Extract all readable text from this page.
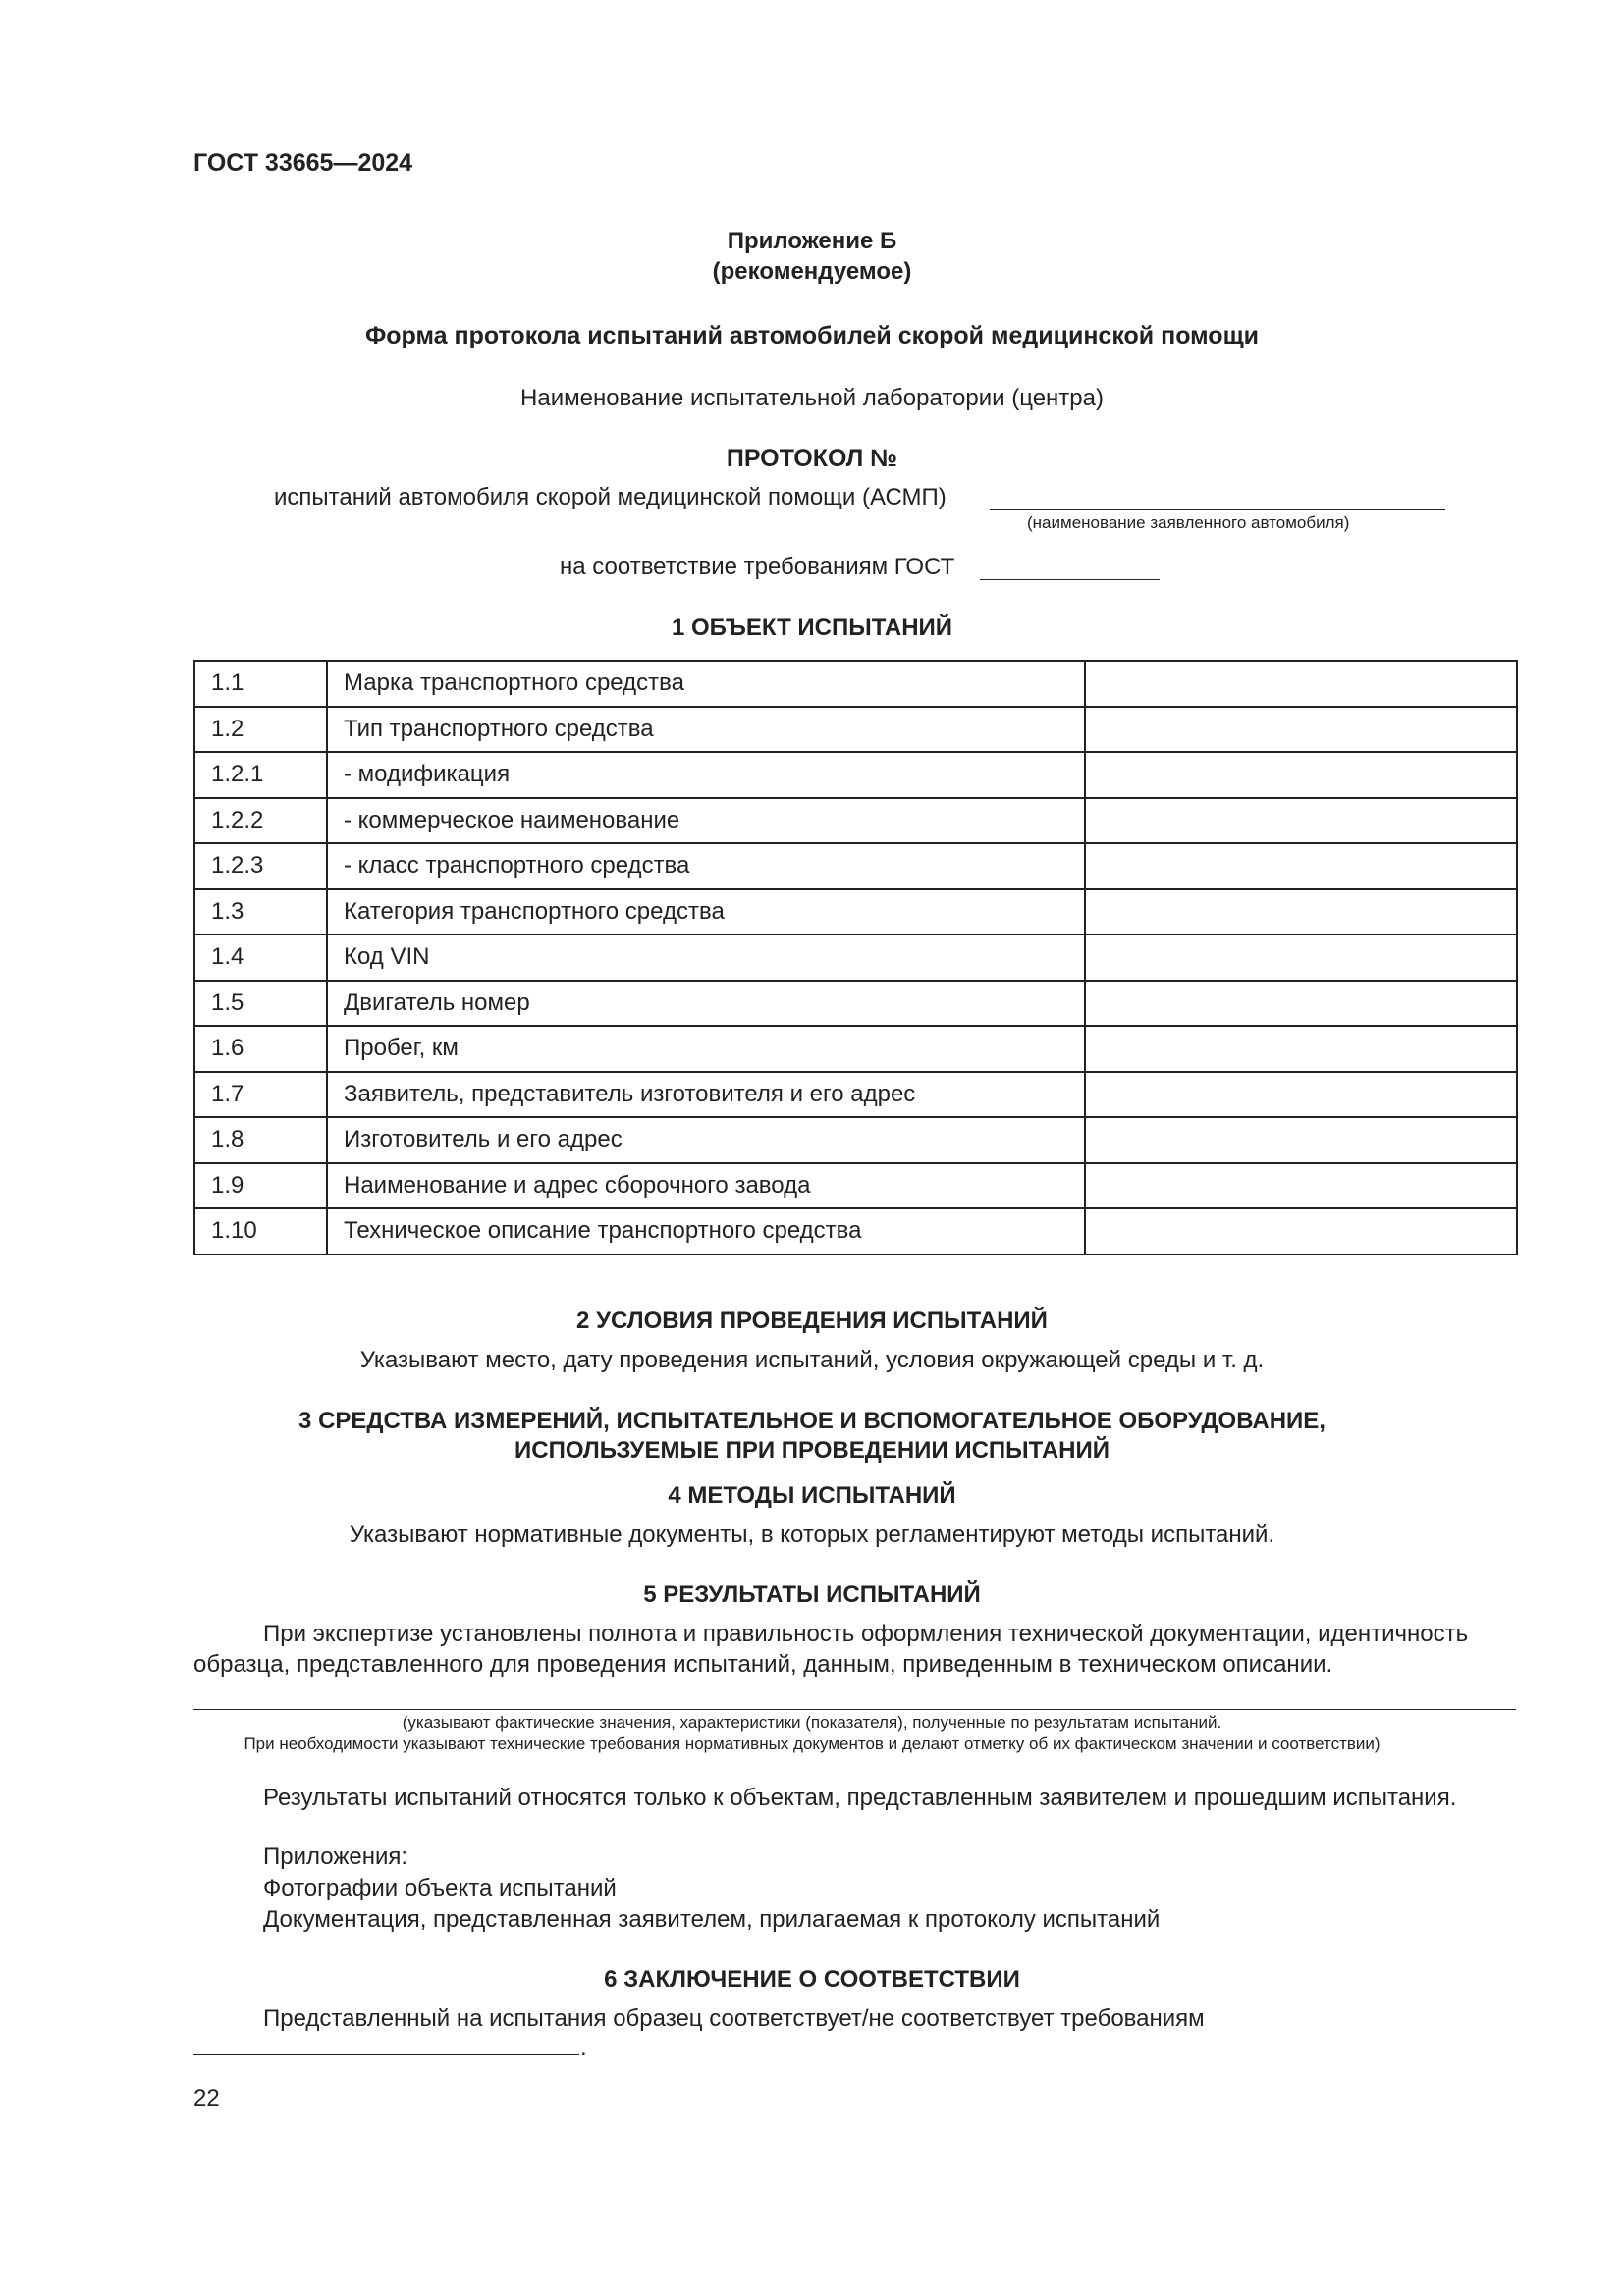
ГОСТ 33665—2024
Приложение Б
(рекомендуемое)
Форма протокола испытаний автомобилей скорой медицинской помощи
Наименование испытательной лаборатории (центра)
ПРОТОКОЛ №
испытаний автомобиля скорой медицинской помощи (АСМП)
(наименование заявленного автомобиля)
на соответствие требованиям ГОСТ
1 ОБЪЕКТ ИСПЫТАНИЙ
1.1	Марка транспортного средства	
1.2	Тип транспортного средства	
1.2.1	- модификация	
1.2.2	- коммерческое наименование	
1.2.3	- класс транспортного средства	
1.3	Категория транспортного средства	
1.4	Код VIN	
1.5	Двигатель номер	
1.6	Пробег, км	
1.7	Заявитель, представитель изготовителя и его адрес	
1.8	Изготовитель и его адрес	
1.9	Наименование и адрес сборочного завода	
1.10	Техническое описание транспортного средства	
2 УСЛОВИЯ ПРОВЕДЕНИЯ ИСПЫТАНИЙ
Указывают место, дату проведения испытаний, условия окружающей среды и т. д.
3 СРЕДСТВА ИЗМЕРЕНИЙ, ИСПЫТАТЕЛЬНОЕ И ВСПОМОГАТЕЛЬНОЕ ОБОРУДОВАНИЕ,
ИСПОЛЬЗУЕМЫЕ ПРИ ПРОВЕДЕНИИ ИСПЫТАНИЙ
4 МЕТОДЫ ИСПЫТАНИЙ
Указывают нормативные документы, в которых регламентируют методы испытаний.
5 РЕЗУЛЬТАТЫ ИСПЫТАНИЙ
При экспертизе установлены полнота и правильность оформления технической документации, идентичность
образца, представленного для проведения испытаний, данным, приведенным в техническом описании.
(указывают фактические значения, характеристики (показателя), полученные по результатам испытаний.
При необходимости указывают технические требования нормативных документов и делают отметку об их фактическом значении и соответствии)
Результаты испытаний относятся только к объектам, представленным заявителем и прошедшим испытания.
Приложения:
Фотографии объекта испытаний
Документация, представленная заявителем, прилагаемая к протоколу испытаний
6 ЗАКЛЮЧЕНИЕ О СООТВЕТСТВИИ
Представленный на испытания образец соответствует/не соответствует требованиям
.
22
